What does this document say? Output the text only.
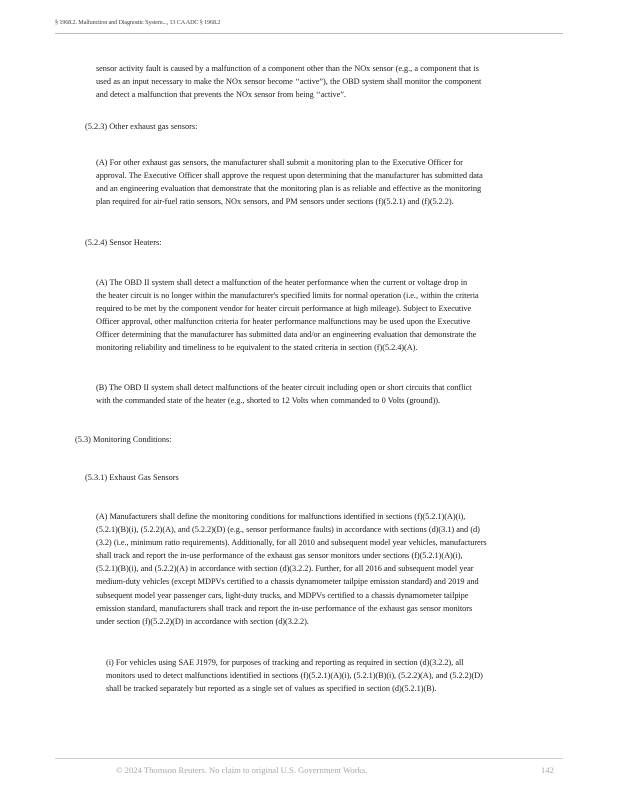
§ 1968.2. Malfunction and Diagnostic System..., 13 CA ADC § 1968.2
sensor activity fault is caused by a malfunction of a component other than the NOx sensor (e.g., a component that is
used as an input necessary to make the NOx sensor become ‘‘active”), the OBD system shall monitor the component
and detect a malfunction that prevents the NOx sensor from being ‘‘active”.
(5.2.3) Other exhaust gas sensors:
(A) For other exhaust gas sensors, the manufacturer shall submit a monitoring plan to the Executive Officer for
approval. The Executive Officer shall approve the request upon determining that the manufacturer has submitted data
and an engineering evaluation that demonstrate that the monitoring plan is as reliable and effective as the monitoring
plan required for air-fuel ratio sensors, NOx sensors, and PM sensors under sections (f)(5.2.1) and (f)(5.2.2).
(5.2.4) Sensor Heaters:
(A) The OBD II system shall detect a malfunction of the heater performance when the current or voltage drop in
the heater circuit is no longer within the manufacturer's specified limits for normal operation (i.e., within the criteria
required to be met by the component vendor for heater circuit performance at high mileage). Subject to Executive
Officer approval, other malfunction criteria for heater performance malfunctions may be used upon the Executive
Officer determining that the manufacturer has submitted data and/or an engineering evaluation that demonstrate the
monitoring reliability and timeliness to be equivalent to the stated criteria in section (f)(5.2.4)(A).
(B) The OBD II system shall detect malfunctions of the heater circuit including open or short circuits that conflict
with the commanded state of the heater (e.g., shorted to 12 Volts when commanded to 0 Volts (ground)).
(5.3) Monitoring Conditions:
(5.3.1) Exhaust Gas Sensors
(A) Manufacturers shall define the monitoring conditions for malfunctions identified in sections (f)(5.2.1)(A)(i),
(5.2.1)(B)(i), (5.2.2)(A), and (5.2.2)(D) (e.g., sensor performance faults) in accordance with sections (d)(3.1) and (d)
(3.2) (i.e., minimum ratio requirements). Additionally, for all 2010 and subsequent model year vehicles, manufacturers
shall track and report the in-use performance of the exhaust gas sensor monitors under sections (f)(5.2.1)(A)(i),
(5.2.1)(B)(i), and (5.2.2)(A) in accordance with section (d)(3.2.2). Further, for all 2016 and subsequent model year
medium-duty vehicles (except MDPVs certified to a chassis dynamometer tailpipe emission standard) and 2019 and
subsequent model year passenger cars, light-duty trucks, and MDPVs certified to a chassis dynamometer tailpipe
emission standard, manufacturers shall track and report the in-use performance of the exhaust gas sensor monitors
under section (f)(5.2.2)(D) in accordance with section (d)(3.2.2).
(i) For vehicles using SAE J1979, for purposes of tracking and reporting as required in section (d)(3.2.2), all
monitors used to detect malfunctions identified in sections (f)(5.2.1)(A)(i), (5.2.1)(B)(i), (5.2.2)(A), and (5.2.2)(D)
shall be tracked separately but reported as a single set of values as specified in section (d)(5.2.1)(B).
© 2024 Thomson Reuters. No claim to original U.S. Government Works.	142
